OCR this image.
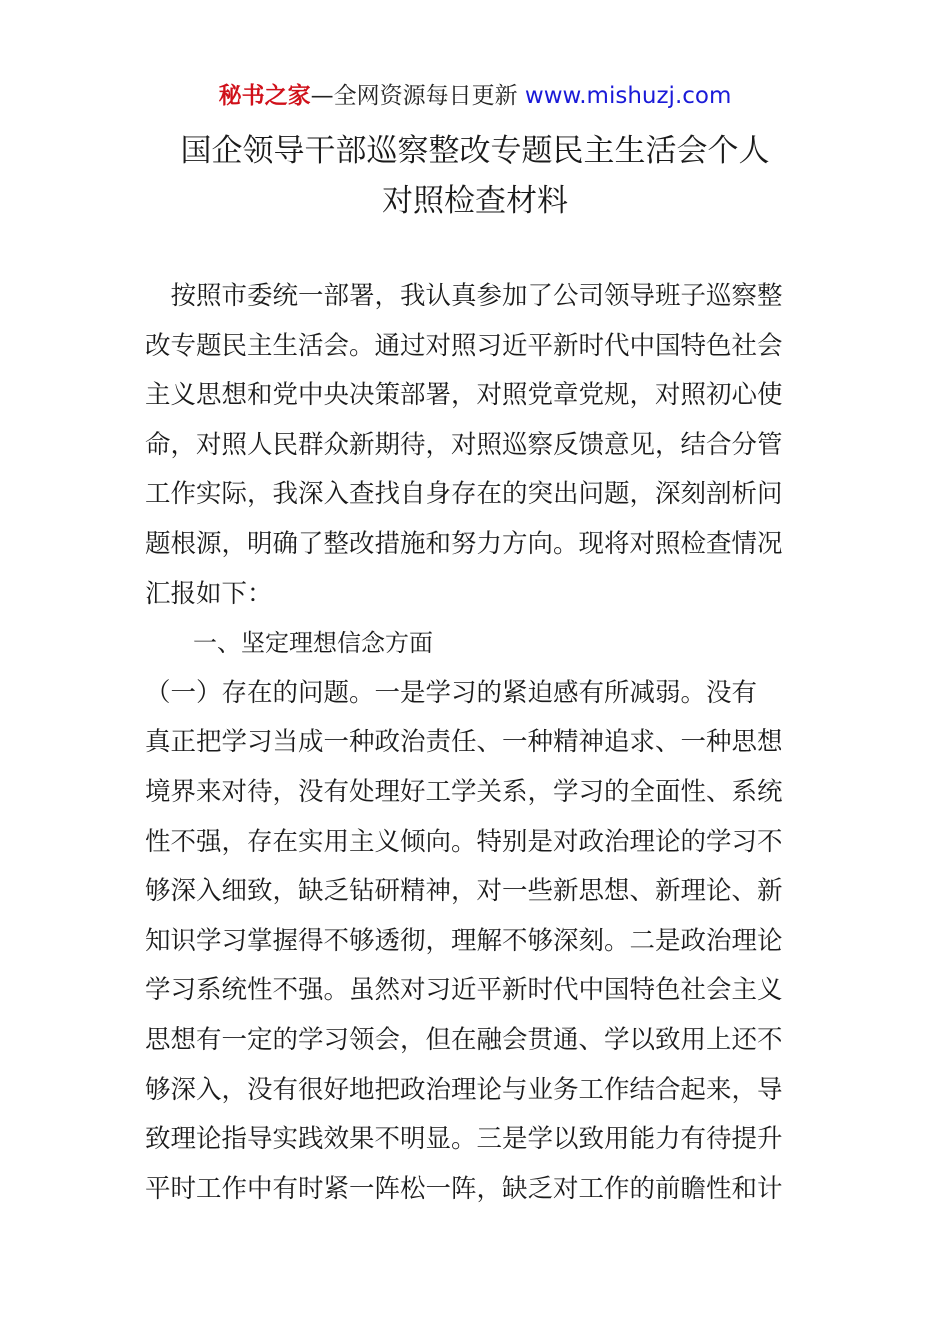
秘书之家—全网资源每日更新 www.mishuzj.com
国企领导干部巡察整改专题民主生活会个人
对照检查材料
　按照市委统一部署，我认真参加了公司领导班子巡察整
改专题民主生活会。通过对照习近平新时代中国特色社会
主义思想和党中央决策部署，对照党章党规，对照初心使
命，对照人民群众新期待，对照巡察反馈意见，结合分管
工作实际，我深入查找自身存在的突出问题，深刻剖析问
题根源，明确了整改措施和努力方向。现将对照检查情况
汇报如下：
一、坚定理想信念方面
（一）存在的问题。一是学习的紧迫感有所减弱。没有
真正把学习当成一种政治责任、一种精神追求、一种思想
境界来对待，没有处理好工学关系，学习的全面性、系统
性不强，存在实用主义倾向。特别是对政治理论的学习不
够深入细致，缺乏钻研精神，对一些新思想、新理论、新
知识学习掌握得不够透彻，理解不够深刻。二是政治理论
学习系统性不强。虽然对习近平新时代中国特色社会主义
思想有一定的学习领会，但在融会贯通、学以致用上还不
够深入，没有很好地把政治理论与业务工作结合起来，导
致理论指导实践效果不明显。三是学以致用能力有待提升
平时工作中有时紧一阵松一阵，缺乏对工作的前瞻性和计
